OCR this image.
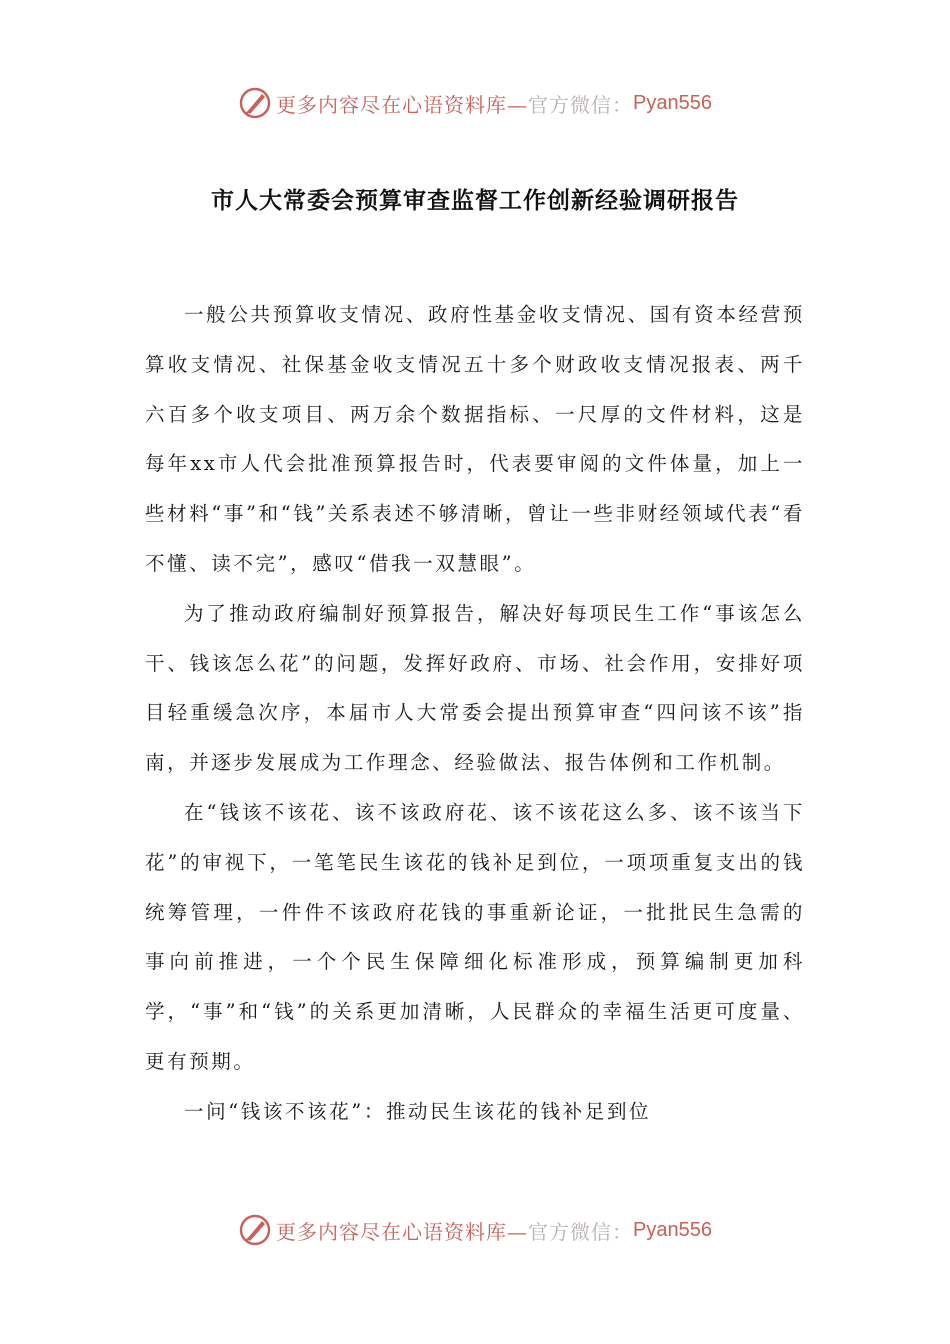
更多内容尽在心语资料库— 官方微信： Pyan556
市人大常委会预算审查监督工作创新经验调研报告

一般公共预算收支情况、政府性基金收支情况、国有资本经营预算收支情况、社保基金收支情况五十多个财政收支情况报表、两千六百多个收支项目、两万余个数据指标、一尺厚的文件材料，这是每年xx市人代会批准预算报告时，代表要审阅的文件体量，加上一些材料“事”和“钱”关系表述不够清晰，曾让一些非财经领域代表“看不懂、读不完”，感叹“借我一双慧眼”。

为了推动政府编制好预算报告，解决好每项民生工作“事该怎么干、钱该怎么花”的问题，发挥好政府、市场、社会作用，安排好项目轻重缓急次序，本届市人大常委会提出预算审查“四问该不该”指南，并逐步发展成为工作理念、经验做法、报告体例和工作机制。

在“钱该不该花、该不该政府花、该不该花这么多、该不该当下花”的审视下，一笔笔民生该花的钱补足到位，一项项重复支出的钱统筹管理，一件件不该政府花钱的事重新论证，一批批民生急需的事向前推进，一个个民生保障细化标准形成，预算编制更加科学，“事”和“钱”的关系更加清晰，人民群众的幸福生活更可度量、更有预期。

一问“钱该不该花”：推动民生该花的钱补足到位

更多内容尽在心语资料库— 官方微信： Pyan556
